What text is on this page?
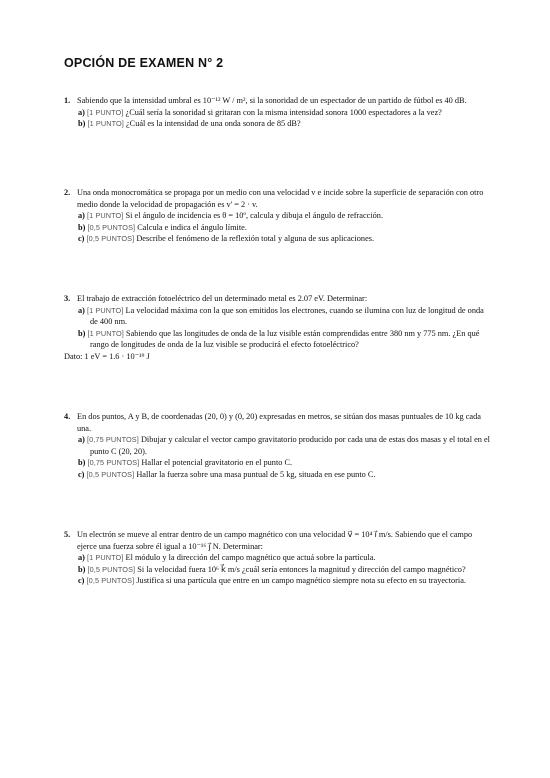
OPCIÓN DE EXAMEN N° 2
1. Sabiendo que la intensidad umbral es 10⁻¹² W / m², si la sonoridad de un espectador de un partido de fútbol es 40 dB.
a) [1 PUNTO] ¿Cuál sería la sonoridad si gritaran con la misma intensidad sonora 1000 espectadores a la vez?
b) [1 PUNTO] ¿Cuál es la intensidad de una onda sonora de 85 dB?
2. Una onda monocromática se propaga por un medio con una velocidad v e incide sobre la superficie de separación con otro medio donde la velocidad de propagación es v' = 2 · v.
a) [1 PUNTO] Si el ángulo de incidencia es θ = 10º, calcula y dibuja el ángulo de refracción.
b) [0,5 PUNTOS] Calcula e indica el ángulo límite.
c) [0,5 PUNTOS] Describe el fenómeno de la reflexión total y alguna de sus aplicaciones.
3. El trabajo de extracción fotoeléctrico del un determinado metal es 2.07 eV. Determinar:
a) [1 PUNTO] La velocidad máxima con la que son emitidos los electrones, cuando se ilumina con luz de longitud de onda de 400 nm.
b) [1 PUNTO] Sabiendo que las longitudes de onda de la luz visible están comprendidas entre 380 nm y 775 nm. ¿En qué rango de longitudes de onda de la luz visible se producirá el efecto fotoeléctrico?
Dato: 1 eV = 1.6 · 10⁻¹⁹ J
4. En dos puntos, A y B, de coordenadas (20, 0) y (0, 20) expresadas en metros, se sitúan dos masas puntuales de 10 kg cada una.
a) [0,75 PUNTOS] Dibujar y calcular el vector campo gravitatorio producido por cada una de estas dos masas y el total en el punto C (20, 20).
b) [0,75 PUNTOS] Hallar el potencial gravitatorio en el punto C.
c) [0,5 PUNTOS] Hallar la fuerza sobre una masa puntual de 5 kg, situada en ese punto C.
5. Un electrón se mueve al entrar dentro de un campo magnético con una velocidad v⃗ = 10⁴ i⃗ m/s. Sabiendo que el campo ejerce una fuerza sobre él igual a 10⁻¹⁶ j⃗ N. Determinar:
a) [1 PUNTO] El módulo y la dirección del campo magnético que actuá sobre la partícula.
b) [0,5 PUNTOS] Si la velocidad fuera 10⁶ k⃗ m/s ¿cuál sería entonces la magnitud y dirección del campo magnético?
c) [0,5 PUNTOS] Justifica si una partícula que entre en un campo magnético siempre nota su efecto en su trayectoria.
